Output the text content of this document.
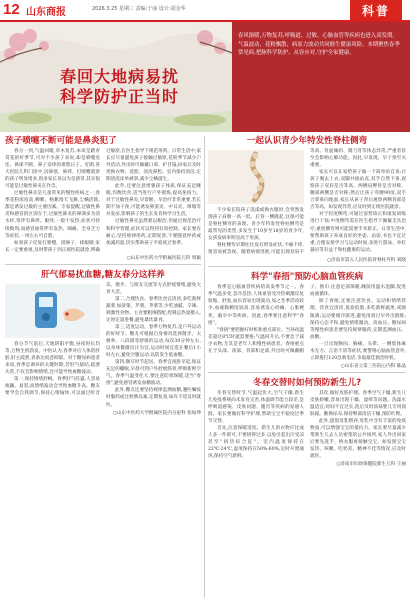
12 山东商报	2026.3.25 星期三 责编:于丽 设计:胡金华	科普
春回大地病易扰
科学防护正当时
春风渐暖,万物复苏,呼吸道、过敏、心脑血管等疾病也进入高发期。气温波动、花粉飘散、病原力波动共同催生健康风险。本期聚焦春季常见病,把脉科学防护、从容应对,守护全家健康。
孩子喷嚏不断可能是鼻炎犯了

春分一到,气温回暖,草木复苏,本该是踏青赏花的好季节,可对不少孩子来说,却是喷嚏连连、鼻涕不断、鼻子发痒的难熬日子。近期,各大医院儿科门诊中,因鼻塞、鼻痒、打喷嚏就诊的孩子明显增多,很多家长误以为是感冒,其实很可能是过敏性鼻炎在作祟。

过敏性鼻炎是儿童常见的慢性疾病之一,春季花粉浓度高,柳絮、杨絮漫天飞舞,尘螨活跃,都是诱发过敏的主要因素。专家提醒,过敏性鼻炎和感冒的区别在于,过敏性鼻炎的鼻涕多为清水样,常伴有鼻痒、眼痒,一般不发热,症状可持续数周;而感冒通常伴有发热、咽痛、全身乏力等症状,一周左右可自愈。

如果孩子反复打喷嚏、揉鼻子、揉眼睛,家长一定要重视,及时带孩子到正规医院就诊,明确过敏原,在医生指导下规范用药。日常生活中,家长应尽量避免孩子接触过敏原,花粉季节减少户外活动,外出时可佩戴口罩、护目镜;回家后及时更换衣物、洗脸、清洗鼻腔。室内保持清洁,定期清洗床单被罩,减少尘螨滋生。

此外,还要注意增强孩子体质,保证充足睡眠,均衡饮食,适当进行户外锻炼,提高免疫力。对于过敏性鼻炎,早诊断、早治疗非常重要,若长期不加干预,可能诱发鼻窦炎、中耳炎、哮喘等并发症,影响孩子的生长发育和学习生活。

过敏性鼻炎虽然难以根治,但通过规范治疗和科学管理,症状可以得到有效控制。家长要有耐心,坚持规律用药,定期复诊,不要随意停药或加减药量,切实帮助孩子平稳度过春季。

○山东中医药大学附属医院儿科 周颖
肝气郁易扰血糖,糖友春分这样养

春分节气前后,天地阴阳平衡,昼夜时长均等,万物生机勃发。中医认为,春季对应人体的肝脏,肝主疏泄,喜条达而恶抑郁。对于糖尿病患者来说,春季是调养的关键时期,若肝气郁结,疏泄失常,不仅会影响情绪,还可能导致血糖波动。

第一,保持情绪舒畅。春季肝气旺盛,人容易烦躁、易怒,而情绪波动会导致血糖升高。糖友要学会自我调节,保持心情愉快,可以通过听音乐、散步、与朋友交流等方式舒缓情绪,避免大喜大悲。

第二,合理饮食。春季饮食宜清淡,多吃新鲜蔬菜,如菠菜、芹菜、荠菜等,少吃油腻、辛辣、刺激性食物。主食要粗细搭配,控制总热量摄入,定时定量进餐,避免暴饮暴食。

第三,适度运动。春季万物复苏,是户外运动的好时节。糖友可根据自身情况选择散步、太极拳、八段锦等舒缓的运动,每次30分钟左右,以身体微微出汗为宜,运动时间宜选在餐后1小时左右,避免空腹运动,以防发生低血糖。

第四,顺应时节起居。春季宜夜卧早起,保证充足的睡眠,早晨可到户外舒展筋骨,呼吸新鲜空气。春季气温变化大,要注意防寒保暖,适当"春捂",避免感冒诱发血糖波动。

此外,糖友还要坚持规律监测血糖,遵医嘱按时服药或注射胰岛素,定期复查,如有不适及时就医。

○山东中医药大学附属医院内分泌科 张如坤
一起认识青少年特发性脊柱侧弯

不少家长陪孩子洗澡或换衣服时,会突然发现孩子肩膀一高一低、后背一侧隆起,这很可能是脊柱侧弯的表现。青少年特发性脊柱侧弯是最常见的类型,多发生于10岁至18岁的青少年,女孩发病率明显高于男孩。

脊柱侧弯早期往往没有明显症状,不痛不痒,很容易被忽视。随着病情进展,可能出现双肩不等高、骨盆倾斜、剃刀背等体态异常,严重者甚至会影响心肺功能。因此,早发现、早干预至关重要。

家长可以在家给孩子做一个简单的自查:让孩子脱去上衣,双脚并拢站直,双手自然下垂,观察孩子双肩是否等高、两侧肩胛骨是否对称、腰部两侧是否对称;然后让孩子弯腰90度,双手合掌垂向地面,家长从孩子背后观察两侧背部是否等高。如发现异常,应及时到正规医院就诊。

对于轻度侧弯,可通过姿势矫正和康复训练进行干预;中度侧弯需在医生指导下佩戴支具治疗;重度侧弯则可能需要手术矫正。日常生活中,要帮助孩子养成良好的坐姿、站姿,书包不宜过重,合理安排学习与运动时间,多进行游泳、单杠悬吊等有益于脊柱健康的运动。

○济南市第五人民医院骨脊柱外科 刘晓
科学"春捂"预防心脑血管疾病

春季是心脑血管疾病的高发季节之一。春季气温多变,忽冷忽热,人体血管受冷热刺激反复收缩、舒张,血压容易出现波动,加之冬季活动较少,血液黏稠度较高,容易诱发心绞痛、心肌梗死、脑卒中等疾病。因此,春季要注意科学"春捂"。

"春捂"要把握好时机和重点部位。当昼夜温差超过8℃时就需要捂;气温回升后,不要急于减少衣物,尤其是老年人和慢性病患者。春捂重点在于头部、颈部、背部和足部,外出时可佩戴帽子、围巾,注意足部保暖,睡前用温水泡脚,促进血液循环。

除了春捂,还要注意饮食、运动和情绪管理。饮食宜清淡,低盐低脂,多吃新鲜蔬果,戒烟限酒;运动要循序渐进,避免清晨过早外出锻炼;保持心态平和,避免情绪激动。高血压、糖尿病等慢性病患者要坚持规律服药,定期监测血压、血糖。

一旦出现胸闷、胸痛、头晕、一侧肢体麻木无力、言语不清等症状,要警惕心脑血管意外,立即拨打120急救电话,争取最佳救治时机。

○山东省立第三医院心内科 陈晶
冬春交替时如何预防新生儿?

冬春交替时节,气温起伏大,空气干燥,新生儿免疫系统尚未发育完善,体温调节能力较差,是呼吸道感染、皮肤问题、腹泻等疾病的易感人群。家长要做好科学护理,帮助宝宝平稳度过季节交替。

首先,注意保暖适度。新生儿的衣物应比成人多一件即可,不要捂得过多,以免引起出汗受凉甚至"捂热综合征"。室内温度保持在22℃-24℃,湿度保持在50%-60%,定时开窗通风,保持空气新鲜。

其次,做好皮肤护理。春季空气干燥,新生儿皮肤娇嫩,容易出现干燥、湿疹等问题。洗澡水温适宜,时间不宜过长,洗后及时涂抹婴儿专用润肤霜。勤换尿布,保持臀部清洁干燥,预防红臀。

此外,提倡母乳喂养,母乳中含有丰富的免疫物质,可以增强宝宝的抵抗力。家长要尽量减少带新生儿去人员密集的公共场所,家人外出回家后要先洗手、换衣服再接触宝宝。如发现宝宝发热、咳嗽、吃奶差、精神不佳等情况,应及时就医。

○济南市妇幼保健院新生儿科 王丽
